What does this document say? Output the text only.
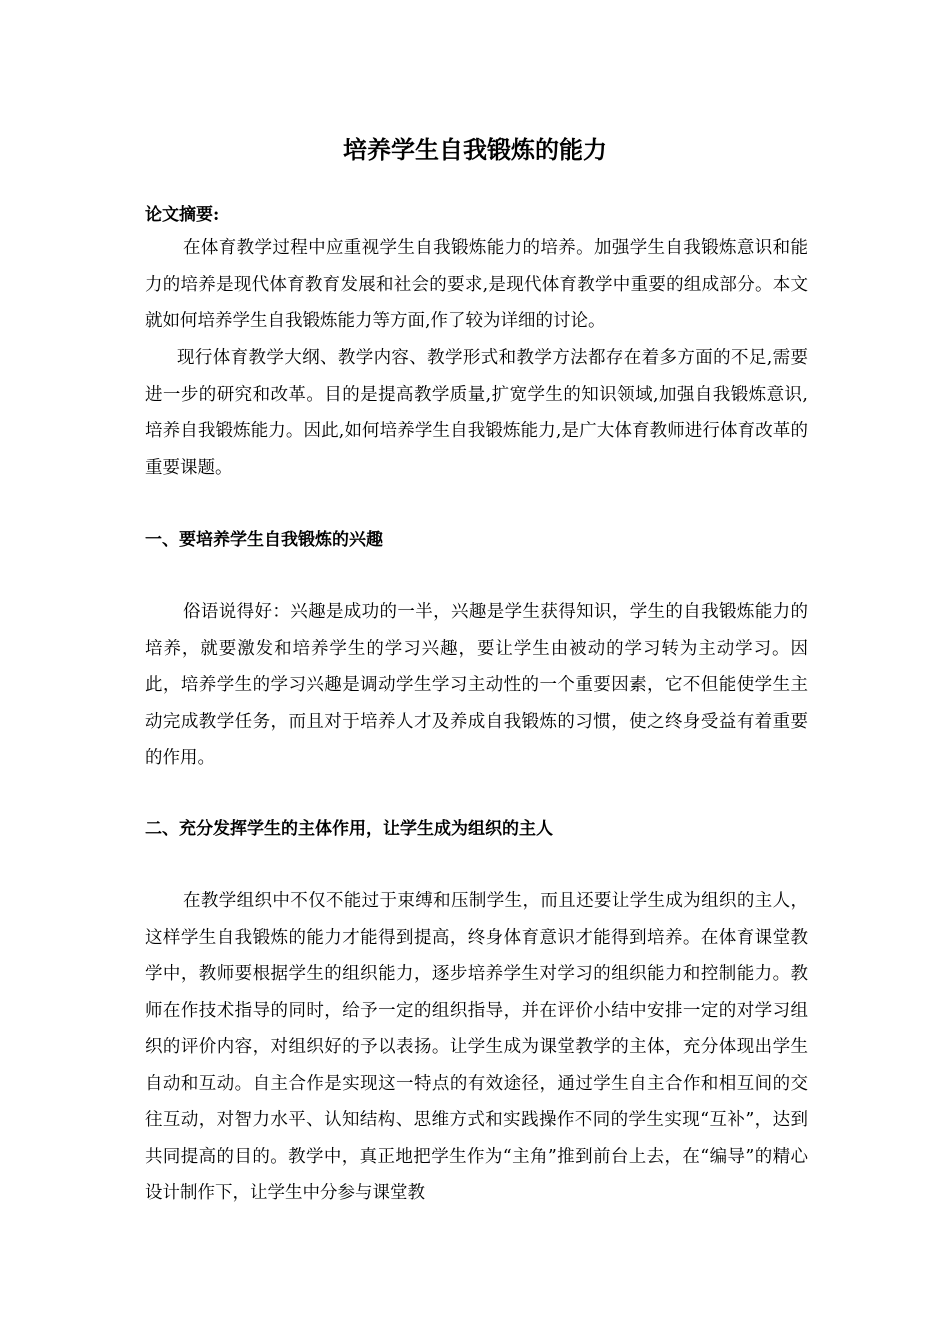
培养学生自我锻炼的能力
论文摘要:

在体育教学过程中应重视学生自我锻炼能力的培养。加强学生自我锻炼意识和能力的培养是现代体育教育发展和社会的要求,是现代体育教学中重要的组成部分。本文就如何培养学生自我锻炼能力等方面,作了较为详细的讨论。

现行体育教学大纲、教学内容、教学形式和教学方法都存在着多方面的不足,需要进一步的研究和改革。目的是提高教学质量,扩宽学生的知识领域,加强自我锻炼意识,培养自我锻炼能力。因此,如何培养学生自我锻炼能力,是广大体育教师进行体育改革的重要课题。

一、要培养学生自我锻炼的兴趣

俗语说得好：兴趣是成功的一半，兴趣是学生获得知识，学生的自我锻炼能力的培养，就要激发和培养学生的学习兴趣，要让学生由被动的学习转为主动学习。因此，培养学生的学习兴趣是调动学生学习主动性的一个重要因素，它不但能使学生主动完成教学任务，而且对于培养人才及养成自我锻炼的习惯，使之终身受益有着重要的作用。

二、充分发挥学生的主体作用，让学生成为组织的主人

在教学组织中不仅不能过于束缚和压制学生，而且还要让学生成为组织的主人，这样学生自我锻炼的能力才能得到提高，终身体育意识才能得到培养。在体育课堂教学中，教师要根据学生的组织能力，逐步培养学生对学习的组织能力和控制能力。教师在作技术指导的同时，给予一定的组织指导，并在评价小结中安排一定的对学习组织的评价内容，对组织好的予以表扬。让学生成为课堂教学的主体，充分体现出学生自动和互动。自主合作是实现这一特点的有效途径，通过学生自主合作和相互间的交往互动，对智力水平、认知结构、思维方式和实践操作不同的学生实现“互补”，达到共同提高的目的。教学中，真正地把学生作为“主角”推到前台上去，在“编导”的精心设计制作下，让学生中分参与课堂教
